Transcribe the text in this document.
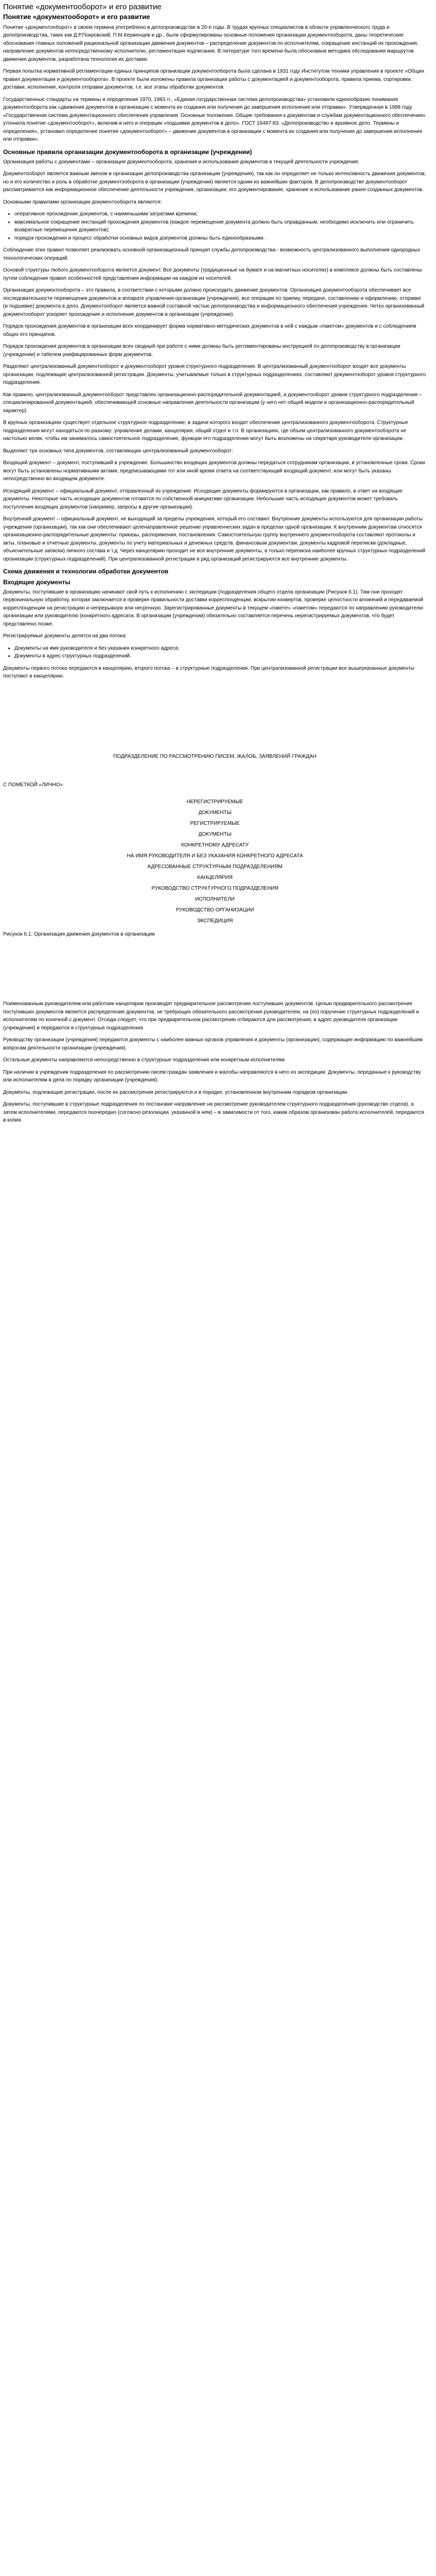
Понятие «документооборот» и его развитие
Понятие «документооборот» и его развитие

Понятие «документооборот» в своем термина употреблено в делопроизводстве в 20-е годы. В трудах крупных специалистов в области управленческого труда и делопроизводства, таких как Д.Р.Покровский, П.М.Керженцев и др., были сформулированы основные положения организации документооборота, даны теоретические обоснования главных положений рациональной организации движения документов – распределение документов по исполнителям, сокращение инстанций их прохождения, направление документов непосредственному исполнителю, регламентация подписания. В литературе того времени была обоснована методика обследования маршрутов движения документов, разработана технология их доставки.

Первая попытка нормативной регламентации единых принципов организации документооборота была сделана в 1931 году Институтом техники управления в проекте «Общих правил документации и документооборота». В проекте были изложены правила организации работы с документацией и документооборота, правила приема, сортировки, доставки, исполнения, контроля отправки документов, т.е. все этапы обработки документов.

Государственные стандарты на термины и определения 1970, 1983 гг., «Единая государственная система делопроизводства» установили единообразие понимания документооборота как «движения документов в организации с момента их создания или получения до завершения исполнения или отправки». Утвержденная в 1988 году «Государственная система документационного обеспечения управления. Основные положения. Общие требования к документам и службам документационного обеспечения» уточнила понятие «документооборот», включив в него и операции «подшивки документов в дело». ГОСТ 16487-83. «Делопроизводство и архивное дело. Термины и определения», установил определение понятия «документооборот» – движение документов в организации с момента их создания или получения до завершения исполнения или отправки».

Основные правила организации документооборота в организации (учреждении)

Организация работы с документами – организация документооборота, хранения и использования документов в текущей деятельности учреждения.

Документооборот является важным звеном в организации делопроизводства организации (учреждения), так как он определяет не только интенсивность движения документов, но и его количество и роль в обработке документооборота в организации (учреждении) является одним из важнейших факторов. В делопроизводстве документооборот рассматривается как информационное обеспечение деятельности учреждения, организации, его документирование, хранение и использование ранее созданных документов.

Основными правилами организации документооборота являются:

• оперативное прохождение документов, с наименьшими затратами времени;
• максимальное сокращение инстанций прохождения документов (каждое перемещение документа должно быть оправданным, необходимо исключить или ограничить возвратные перемещения документов);
• порядок прохождения и процесс обработки основных видов документов должны быть единообразными.

Соблюдение этих правил позволяет реализовать основной организационный принцип службы делопроизводства - возможность централизованного выполнения однородных технологических операций.

Основой структуры любого документооборота является документ. Все документы (традиционные на бумаге и на магнитных носителях) в комплексе должны быть составлены путем соблюдения правил особенностей представления информации на каждом из носителей.

Организация документооборота – это правила, в соответствии с которыми должно происходить движение документов. Организация документооборота обеспечивает все последовательности перемещения документов в аппарате управления организации (учреждения), все операции по приему, передаче, составлению и оформлению, отправке (и подшивке) документа в дело. Документооборот является важной составной частью делопроизводства и информационного обеспечения учреждения. Четко организованный документооборот ускоряет прохождение и исполнение документов в организации (учреждении).

Порядок прохождения документов в организации всех координирует форма нормативно-методических документов в ней с каждым «пакетом» документов и с соблюдением общих его принципов.

Порядок прохождения документов в организации всех сводный при работе с ними должны быть регламентированы инструкцией по делопроизводству в организации (учреждении) и табелем унифицированных форм документов.

Разделяют централизованный документооборот и документооборот уровня структурного подразделения. В централизованный документооборот входят все документы организации, подлежащие централизованной регистрации. Документы, учитываемые только в структурных подразделениях, составляют документооборот уровня структурного подразделения.

Как правило, централизованный документооборот представлен организационно-распорядительной документацией, а документооборот уровня структурного подразделения – специализированной документацией, обеспечивающей основные направления деятельности организации (у него нет общей модели и организационно-распорядительный характер).

В крупных организациях существует отдельное структурное подразделение, в задачи которого входит обеспечение централизованного документооборота. Структурные подразделения могут находиться по разному: управление делами, канцелярия, общий отдел и т.п. В организациях, где объем централизованного документооборота не настолько велик, чтобы им занималось самостоятельное подразделение, функции его подразделения могут быть возложены на секретаря руководителя организации.

Выделяют три основных типа документов, составляющих централизованный документооборот:

Входящий документ – документ, поступивший в учреждение. Большинство входящих документов должны передаться сотрудникам организации, в установленные сроки. Сроки могут быть установлены нормативными актами, предписывающими тот или иной время ответа на соответствующий входящий документ, или могут быть указаны непосредственно во входящем документе.

Исходящий документ – официальный документ, отправленный из учреждения. Исходящие документы формируются в организации, как правило, в ответ на входящие документы. Некоторые часть исходящих документов готовится по собственной инициативе организации. Небольшие часть исходящих документов может требовать поступления входящих документов (например, запросы в другие организации).

Внутренний документ – официальный документ, не выходящий за пределы учреждения, который его составил. Внутренние документы используются для организации работы учреждения (организации), так как они обеспечивают целенаправленное решение управленческих задач в пределах одной организации. К внутренним документам относятся организационно-распорядительные документы: приказы, распоряжения, постановления. Самостоятельную группу внутреннего документооборота составляют протоколы и акты, плановые и отчетные документы, документы по учету материальных и денежных средств, финансовым документам, документы кадровой переписки (докладные, объяснительные записки) личного состава и т.д. Через канцелярию проходит не все внутренние документы, а только переписка наиболее крупных структурных подразделений организации (структурных подразделений). При централизованной регистрации в ряд организаций регистрируются все внутренние документы.

Схема движения и технологии обработки документов
Входящие документы

Документы, поступившие в организацию начинают свой путь к исполнению с экспедиции (подразделения общего отдела организации (Рисунок 6.1). Там они проходят первоначальную обработку, которая заключается в проверке правильности доставки корреспонденции, вскрытии конвертов, проверке целостности вложений и передаваемой корреспонденции на регистрацию и непрерывную или несрочную. Зарегистрированные документы в текущем «пакете» «пакетом» передаются по направлению руководителю организации или руководителю (конкретного адресата. В организации (учреждении) обязательно составляется перечень нерегистрируемых документов, что будет представлено позже.

Регистрируемые документы делятся на два потока:

• Документы на имя руководителя и без указания конкретного адреса;
• Документы в адрес структурных подразделений.

Документы первого потока передаются в канцелярию, второго потока – в структурные подразделения. При централизованной регистрации все вышеуказанные документы поступают в канцелярию.

ПОДРАЗДЕЛЕНИЕ ПО РАССМОТРЕНИЮ ПИСЕМ, ЖАЛОБ, ЗАЯВЛЕНИЙ ГРАЖДАН

С ПОМЕТКОЙ «ЛИЧНО»

НЕРЕГИСТРИРУЕМЫЕ
ДОКУМЕНТЫ
РЕГИСТРИРУЕМЫЕ
ДОКУМЕНТЫ
КОНКРЕТНОМУ АДРЕСАТУ
НА ИМЯ РУКОВОДИТЕЛЯ И БЕЗ УКАЗАНИЯ КОНКРЕТНОГО АДРЕСАТА
АДРЕСОВАННЫЕ СТРУКТУРНЫМ ПОДРАЗДЕЛЕНИЯМ
КАНЦЕЛЯРИЯ
РУКОВОДСТВО СТРУКТУРНОГО ПОДРАЗДЕЛЕНИЯ
ИСПОЛНИТЕЛИ
РУКОВОДСТВО ОРГАНИЗАЦИИ
ЭКСПЕДИЦИЯ

Рисунок 6.1. Организация движения документов в организации

Поименованным руководителем или работник канцелярии производят предварительное рассмотрение поступивших документов. Целью предварительного рассмотрения поступивших документов является распределение документов, не требующих обязательного рассмотрения руководителем, на (по) поручение структурных подразделений и исполнителям по конечной с документ. Отсюда следует, что при предварительном рассмотрении отбираются для рассмотрения, в адрес руководителя организации (учреждения) и передаются в структурные подразделения.

Руководству организации (учреждения) передаются документы с наиболее важных органов управления и документы (организации), содержащие информацию по важнейшим вопросам деятельности организации (учреждения).

Остальные документы направляются непосредственно в структурные подразделения или конкретным исполнителям.

При наличии в учреждении подразделения по рассмотрению писем граждан заявления и жалобы направляются в него из экспедиции. Документы, переданные к руководству или исполнителям в дела по порядку организации (учреждения).

Документы, подлежащие регистрации, после их рассмотрения регистрируются и в порядке, установленном внутренним порядком организации.

Документы, поступившие в структурные подразделения по постановке направление на рассмотрение руководителем структурного подразделения (руководство отдела), а затем исполнителями, передаются поочередно (согласно резолюции, указанной в нем) – в зависимости от того, каким образом организован работа исполнителей, передаются в копия.
